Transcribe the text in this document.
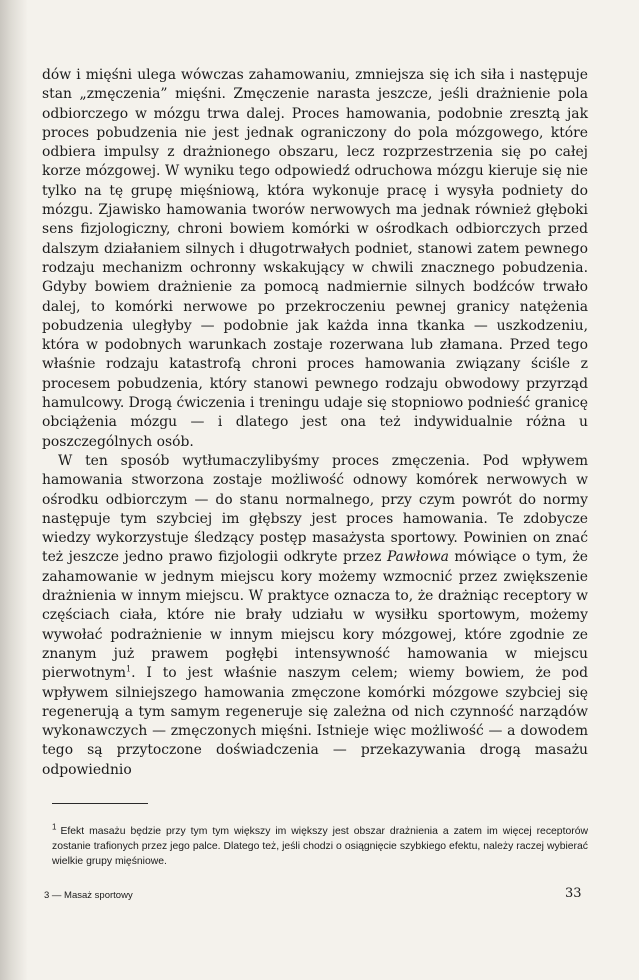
dów i mięśni ulega wówczas zahamowaniu, zmniejsza się ich siła i następuje stan „zmęczenia” mięśni. Zmęczenie narasta jeszcze, jeśli drażnienie pola odbiorczego w mózgu trwa dalej. Proces hamowania, podobnie zresztą jak proces pobudzenia nie jest jednak ograniczony do pola mózgowego, które odbiera impulsy z drażnionego obszaru, lecz rozprzestrzenia się po całej korze mózgowej. W wyniku tego odpowiedź odruchowa mózgu kieruje się nie tylko na tę grupę mięśniową, która wykonuje pracę i wysyła podniety do mózgu. Zjawisko hamowania tworów nerwowych ma jednak również głęboki sens fizjologiczny, chroni bowiem komórki w ośrodkach odbiorczych przed dalszym działaniem silnych i długotrwałych podniet, stanowi zatem pewnego rodzaju mechanizm ochronny wskakujący w chwili znacznego pobudzenia. Gdyby bowiem drażnienie za pomocą nadmiernie silnych bodźców trwało dalej, to komórki nerwowe po przekroczeniu pewnej granicy natężenia pobudzenia uległyby — podobnie jak każda inna tkanka — uszkodzeniu, która w podobnych warunkach zostaje rozerwana lub złamana. Przed tego właśnie rodzaju katastrofą chroni proces hamowania związany ściśle z procesem pobudzenia, który stanowi pewnego rodzaju obwodowy przyrząd hamulcowy. Drogą ćwiczenia i treningu udaje się stopniowo podnieść granicę obciążenia mózgu — i dlatego jest ona też indywidualnie różna u poszczególnych osób.

W ten sposób wytłumaczylibyśmy proces zmęczenia. Pod wpływem hamowania stworzona zostaje możliwość odnowy komórek nerwowych w ośrodku odbiorczym — do stanu normalnego, przy czym powrót do normy następuje tym szybciej im głębszy jest proces hamowania. Te zdobycze wiedzy wykorzystuje śledzący postęp masażysta sportowy. Powinien on znać też jeszcze jedno prawo fizjologii odkryte przez Pawłowa mówiące o tym, że zahamowanie w jednym miejscu kory możemy wzmocnić przez zwiększenie drażnienia w innym miejscu. W praktyce oznacza to, że drażniąc receptory w częściach ciała, które nie brały udziału w wysiłku sportowym, możemy wywołać podrażnienie w innym miejscu kory mózgowej, które zgodnie ze znanym już prawem pogłębi intensywność hamowania w miejscu pierwotnym$^1$. I to jest właśnie naszym celem; wiemy bowiem, że pod wpływem silniejszego hamowania zmęczone komórki mózgowe szybciej się regenerują a tym samym regeneruje się zależna od nich czynność narządów wykonawczych — zmęczonych mięśni. Istnieje więc możliwość — a dowodem tego są przytoczone doświadczenia — przekazywania drogą masażu odpowiednio

$^1$ Efekt masażu będzie przy tym tym większy im większy jest obszar drażnienia a zatem im więcej receptorów zostanie trafionych przez jego palce. Dlatego też, jeśli chodzi o osiągnięcie szybkiego efektu, należy raczej wybierać wielkie grupy mięśniowe.
3 — Masaż sportowy	33
